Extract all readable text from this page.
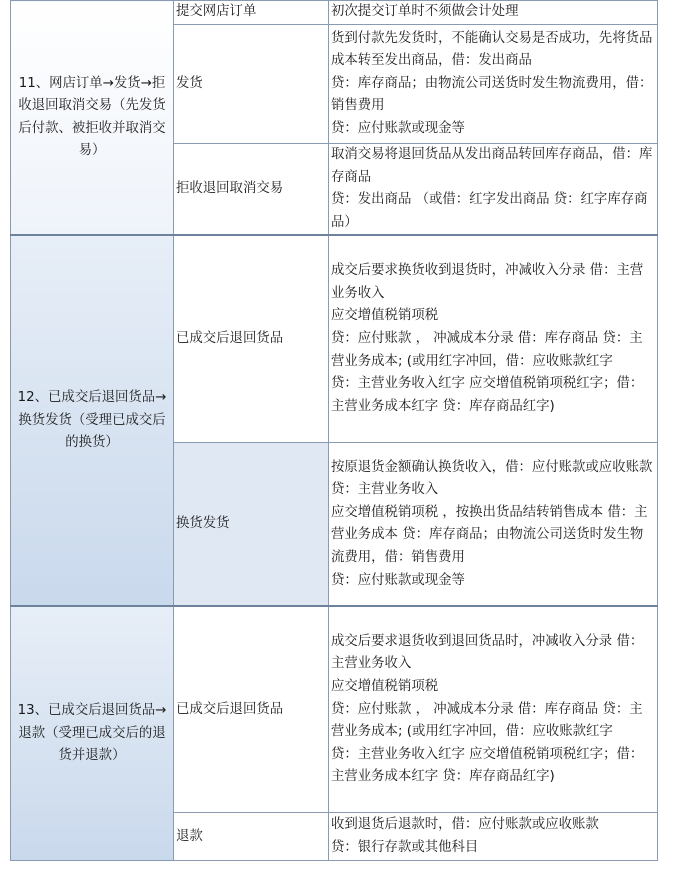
11、网店订单→发货→拒收退回取消交易（先发货后付款、被拒收并取消交易）	提交网店订单	初次提交订单时不须做会计处理

	发货	货到付款先发货时，不能确认交易是否成功，先将货品成本转至发出商品，借：发出商品
贷：库存商品；由物流公司送货时发生物流费用，借：销售费用
贷：应付账款或现金等

	拒收退回取消交易	取消交易将退回货品从发出商品转回库存商品，借：库存商品
贷：发出商品 （或借：红字发出商品 贷：红字库存商品）

12、已成交后退回货品→换货发货（受理已成交后的换货）	已成交后退回货品	成交后要求换货收到退货时，冲减收入分录 借：主营业务收入
应交增值税销项税
贷：应付账款 ， 冲减成本分录 借：库存商品 贷：主营业务成本; (或用红字冲回，借：应收账款红字
贷：主营业务收入红字 应交增值税销项税红字；借：主营业务成本红字 贷：库存商品红字)

	换货发货	按原退货金额确认换货收入，借：应付账款或应收账款
贷：主营业务收入
应交增值税销项税 ，按换出货品结转销售成本 借：主营业务成本 贷：库存商品；由物流公司送货时发生物流费用，借：销售费用
贷：应付账款或现金等

13、已成交后退回货品→退款（受理已成交后的退货并退款）	已成交后退回货品	成交后要求退货收到退回货品时，冲减收入分录 借：主营业务收入
应交增值税销项税
贷：应付账款 ， 冲减成本分录 借：库存商品 贷：主营业务成本; (或用红字冲回，借：应收账款红字
贷：主营业务收入红字 应交增值税销项税红字；借：主营业务成本红字 贷：库存商品红字)

	退款	收到退货后退款时，借：应付账款或应收账款
贷：银行存款或其他科目
